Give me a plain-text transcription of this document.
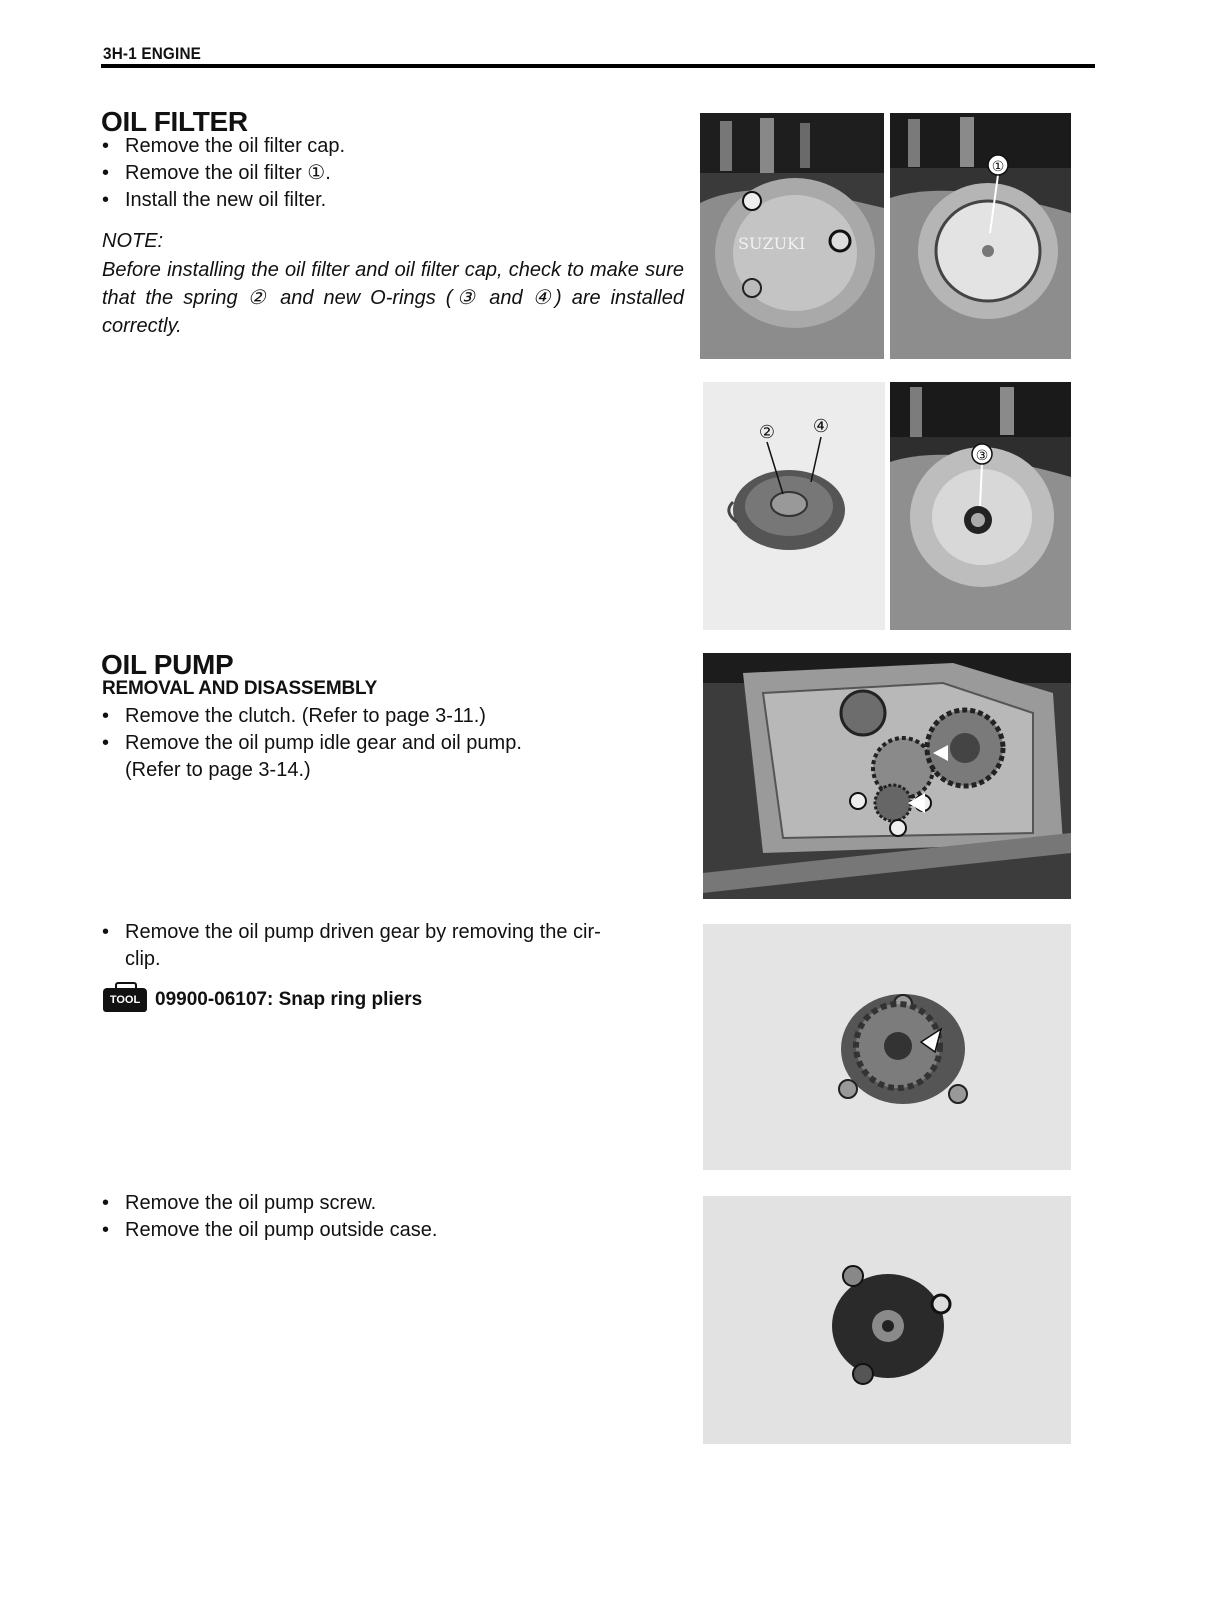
3H-1 ENGINE
OIL FILTER
• Remove the oil filter cap.
• Remove the oil filter ①.
• Install the new oil filter.
NOTE:
Before installing the oil filter and oil filter cap, check to make sure that the spring ② and new O-rings (③ and ④) are installed correctly.
SUZUKI
①
② ④
③
OIL PUMP
REMOVAL AND DISASSEMBLY
• Remove the clutch. (Refer to page 3-11.)
• Remove the oil pump idle gear and oil pump.
(Refer to page 3-14.)
• Remove the oil pump driven gear by removing the cir-
clip.
TOOL 09900-06107: Snap ring pliers
• Remove the oil pump screw.
• Remove the oil pump outside case.
